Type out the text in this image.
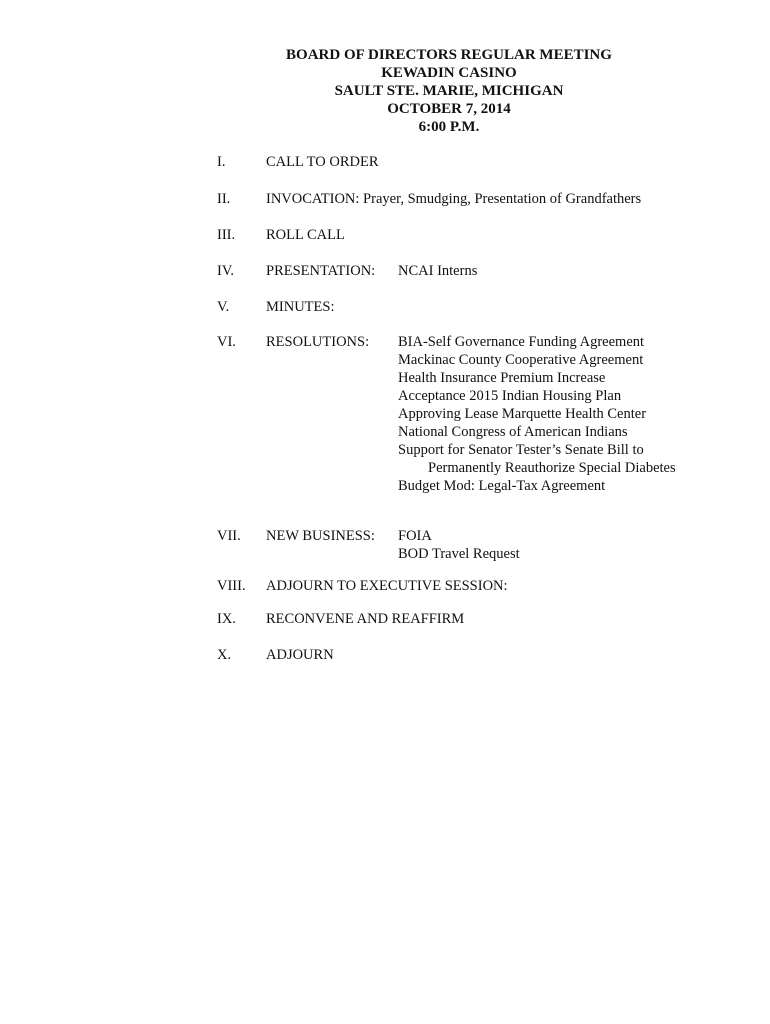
BOARD OF DIRECTORS REGULAR MEETING
KEWADIN CASINO
SAULT STE. MARIE, MICHIGAN
OCTOBER 7, 2014
6:00 P.M.
I.	CALL TO ORDER
II. INVOCATION: Prayer, Smudging, Presentation of Grandfathers
III. ROLL CALL
IV. PRESENTATION: NCAI Interns
V.	MINUTES:
VI. RESOLUTIONS: BIA-Self Governance Funding Agreement
Mackinac County Cooperative Agreement
Health Insurance Premium Increase
Acceptance 2015 Indian Housing Plan
Approving Lease Marquette Health Center
National Congress of American Indians
Support for Senator Tester’s Senate Bill to
Permanently Reauthorize Special Diabetes
Budget Mod: Legal-Tax Agreement
VII. NEW BUSINESS: FOIA
BOD Travel Request
VIII. ADJOURN TO EXECUTIVE SESSION:
IX. RECONVENE AND REAFFIRM
X. ADJOURN
